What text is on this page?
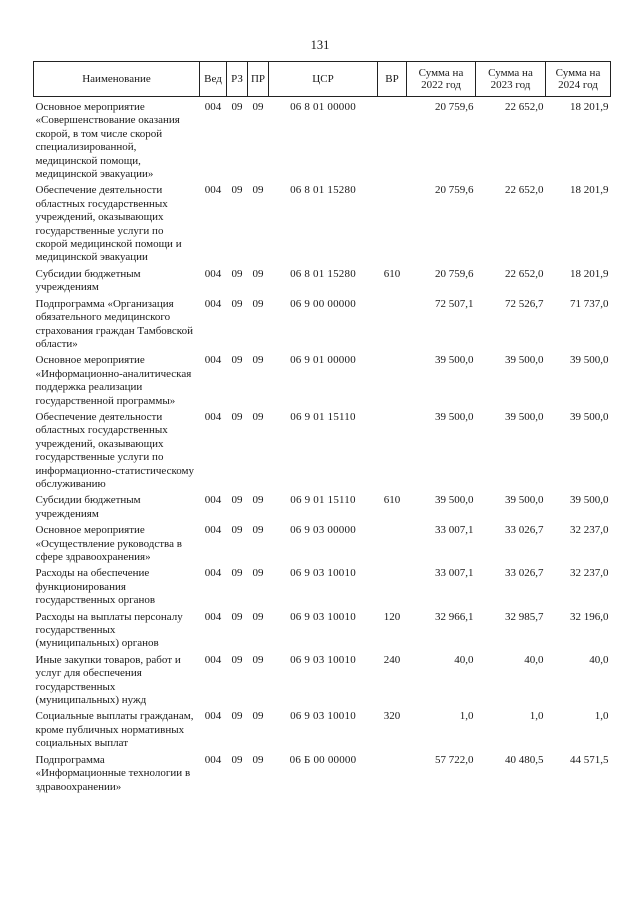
131
Наименование	Вед	РЗ	ПР	ЦСР	ВР	Сумма на 2022 год	Сумма на 2023 год	Сумма на 2024 год
Основное мероприятие «Совершенствование оказания скорой, в том числе скорой специализированной, медицинской помощи, медицинской эвакуации»	004	09	09	06 8 01 00000		20 759,6	22 652,0	18 201,9
Обеспечение деятельности областных государственных учреждений, оказывающих государственные услуги по скорой медицинской помощи и медицинской эвакуации	004	09	09	06 8 01 15280		20 759,6	22 652,0	18 201,9
Субсидии бюджетным учреждениям	004	09	09	06 8 01 15280	610	20 759,6	22 652,0	18 201,9
Подпрограмма «Организация обязательного медицинского страхования граждан Тамбовской области»	004	09	09	06 9 00 00000		72 507,1	72 526,7	71 737,0
Основное мероприятие «Информационно-аналитическая поддержка реализации государственной программы»	004	09	09	06 9 01 00000		39 500,0	39 500,0	39 500,0
Обеспечение деятельности областных государственных учреждений, оказывающих государственные услуги по информационно-статистическому обслуживанию	004	09	09	06 9 01 15110		39 500,0	39 500,0	39 500,0
Субсидии бюджетным учреждениям	004	09	09	06 9 01 15110	610	39 500,0	39 500,0	39 500,0
Основное мероприятие «Осуществление руководства в сфере здравоохранения»	004	09	09	06 9 03 00000		33 007,1	33 026,7	32 237,0
Расходы на обеспечение функционирования государственных органов	004	09	09	06 9 03 10010		33 007,1	33 026,7	32 237,0
Расходы на выплаты персоналу государственных (муниципальных) органов	004	09	09	06 9 03 10010	120	32 966,1	32 985,7	32 196,0
Иные закупки товаров, работ и услуг для обеспечения государственных (муниципальных) нужд	004	09	09	06 9 03 10010	240	40,0	40,0	40,0
Социальные выплаты гражданам, кроме публичных нормативных социальных выплат	004	09	09	06 9 03 10010	320	1,0	1,0	1,0
Подпрограмма «Информационные технологии в здравоохранении»	004	09	09	06 Б 00 00000		57 722,0	40 480,5	44 571,5
